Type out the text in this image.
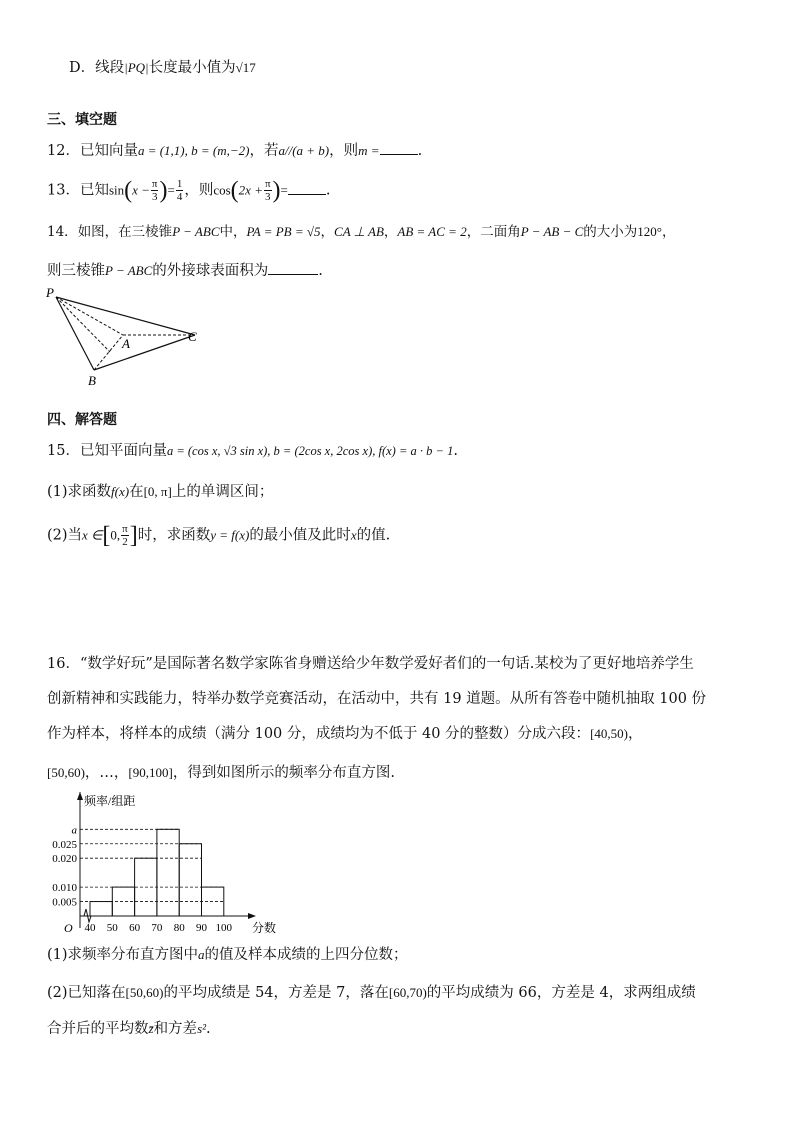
D．线段|PQ|长度最小值为√17
三、填空题
12．已知向量a = (1,1), b = (m,−2)，若a//(a + b)，则m =	.
13．已知$\sin(x - \frac{\pi}{3}$ )= $\frac{1}{4}$ ，则$\cos(2x + \frac{\pi}{3}$ )=	.
14．如图，在三棱锥P − ABC中，PA = PB = √5，CA ⊥ AB，AB = AC = 2，二面角P − AB − C的大小为120°，
则三棱锥P − ABC的外接球表面积为	.
P
A
B
C
四、解答题
15．已知平面向量a = (cos x, √3 sin x), b = (2cos x, 2cos x), f(x) = a · b − 1.
(1)求函数f(x)在[0, π]上的单调区间；
(2)当x ∈[0, $\frac{\pi}{2}$ ]时，求函数y = f(x)的最小值及此时x的值.
16．“数学好玩”是国际著名数学家陈省身赠送给少年数学爱好者们的一句话.某校为了更好地培养学生
创新精神和实践能力，特举办数学竞赛活动，在活动中，共有 19 道题。从所有答卷中随机抽取 100 份
作为样本，将样本的成绩（满分 100 分，成绩均为不低于 40 分的整数）分成六段：[40,50)，
[50,60)，…，[90,100]，得到如图所示的频率分布直方图.
频率/组距
O	分数
0.005
0.010
0.020
0.025
a
40 50 60 70 80 90 100
(1)求频率分布直方图中a的值及样本成绩的上四分位数；
(2)已知落在[50,60)的平均成绩是 54，方差是 7，落在[60,70)的平均成绩为 66，方差是 4，求两组成绩
合并后的平均数z̄和方差s².
